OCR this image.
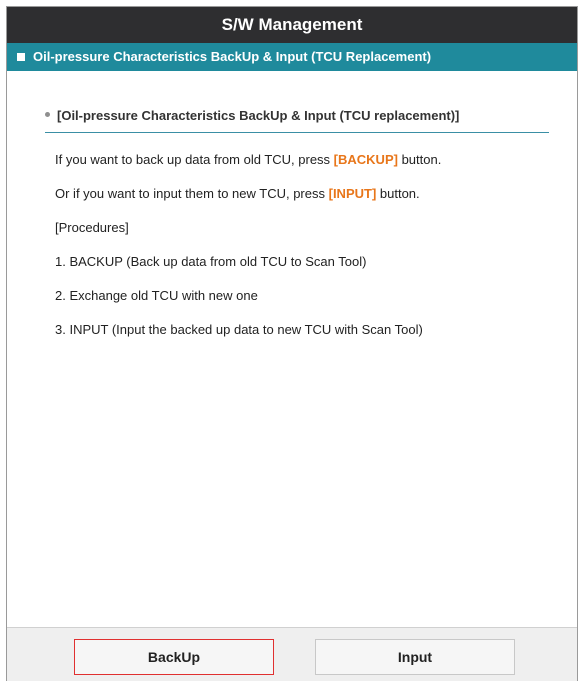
S/W Management
Oil-pressure Characteristics BackUp & Input (TCU Replacement)
[Oil-pressure Characteristics BackUp & Input (TCU replacement)]
If you want to back up data from old TCU, press [BACKUP] button.
Or if you want to input them to new TCU, press [INPUT] button.
[Procedures]
1. BACKUP (Back up data from old TCU to Scan Tool)
2. Exchange old TCU with new one
3. INPUT (Input the backed up data to new TCU with Scan Tool)
BackUp	Input
